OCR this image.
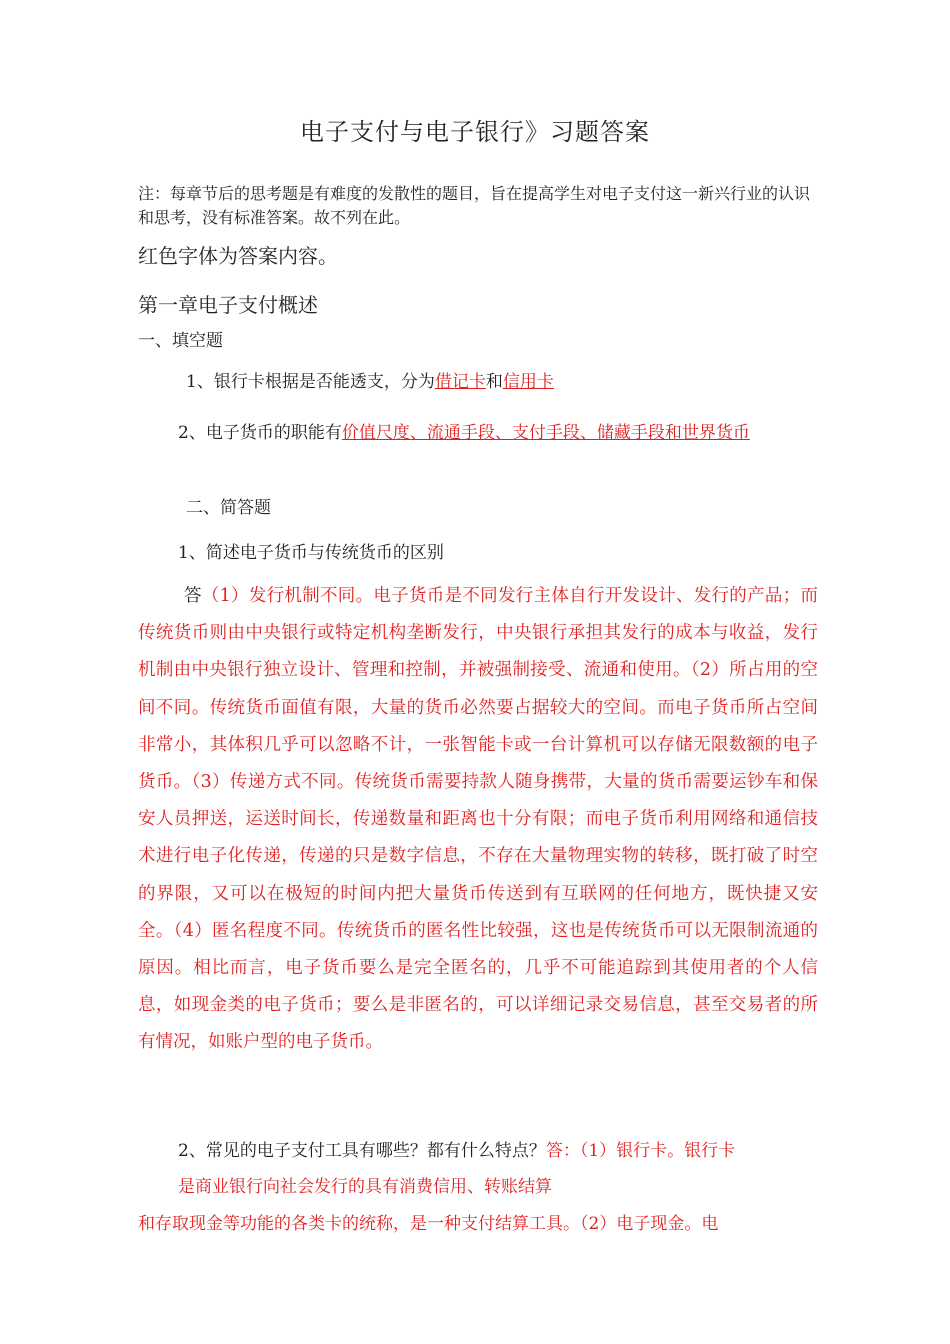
电子支付与电子银行》习题答案
注：每章节后的思考题是有难度的发散性的题目，旨在提高学生对电子支付这一新兴行业的认识和思考，没有标准答案。故不列在此。
红色字体为答案内容。
第一章电子支付概述
一、填空题
1、银行卡根据是否能透支，分为借记卡和信用卡
2、电子货币的职能有价值尺度、流通手段、支付手段、储藏手段和世界货币
二、简答题
1、简述电子货币与传统货币的区别
答（1）发行机制不同。电子货币是不同发行主体自行开发设计、发行的产品；而传统货币则由中央银行或特定机构垄断发行，中央银行承担其发行的成本与收益，发行机制由中央银行独立设计、管理和控制，并被强制接受、流通和使用。（2）所占用的空间不同。传统货币面值有限，大量的货币必然要占据较大的空间。而电子货币所占空间非常小，其体积几乎可以忽略不计，一张智能卡或一台计算机可以存储无限数额的电子货币。（3）传递方式不同。传统货币需要持款人随身携带，大量的货币需要运钞车和保安人员押送，运送时间长，传递数量和距离也十分有限；而电子货币利用网络和通信技术进行电子化传递，传递的只是数字信息，不存在大量物理实物的转移，既打破了时空的界限，又可以在极短的时间内把大量货币传送到有互联网的任何地方，既快捷又安全。（4）匿名程度不同。传统货币的匿名性比较强，这也是传统货币可以无限制流通的原因。相比而言，电子货币要么是完全匿名的，几乎不可能追踪到其使用者的个人信息，如现金类的电子货币；要么是非匿名的，可以详细记录交易信息，甚至交易者的所有情况，如账户型的电子货币。
2、常见的电子支付工具有哪些？都有什么特点？答：（1）银行卡。银行卡
是商业银行向社会发行的具有消费信用、转账结算
和存取现金等功能的各类卡的统称，是一种支付结算工具。（2）电子现金。电
